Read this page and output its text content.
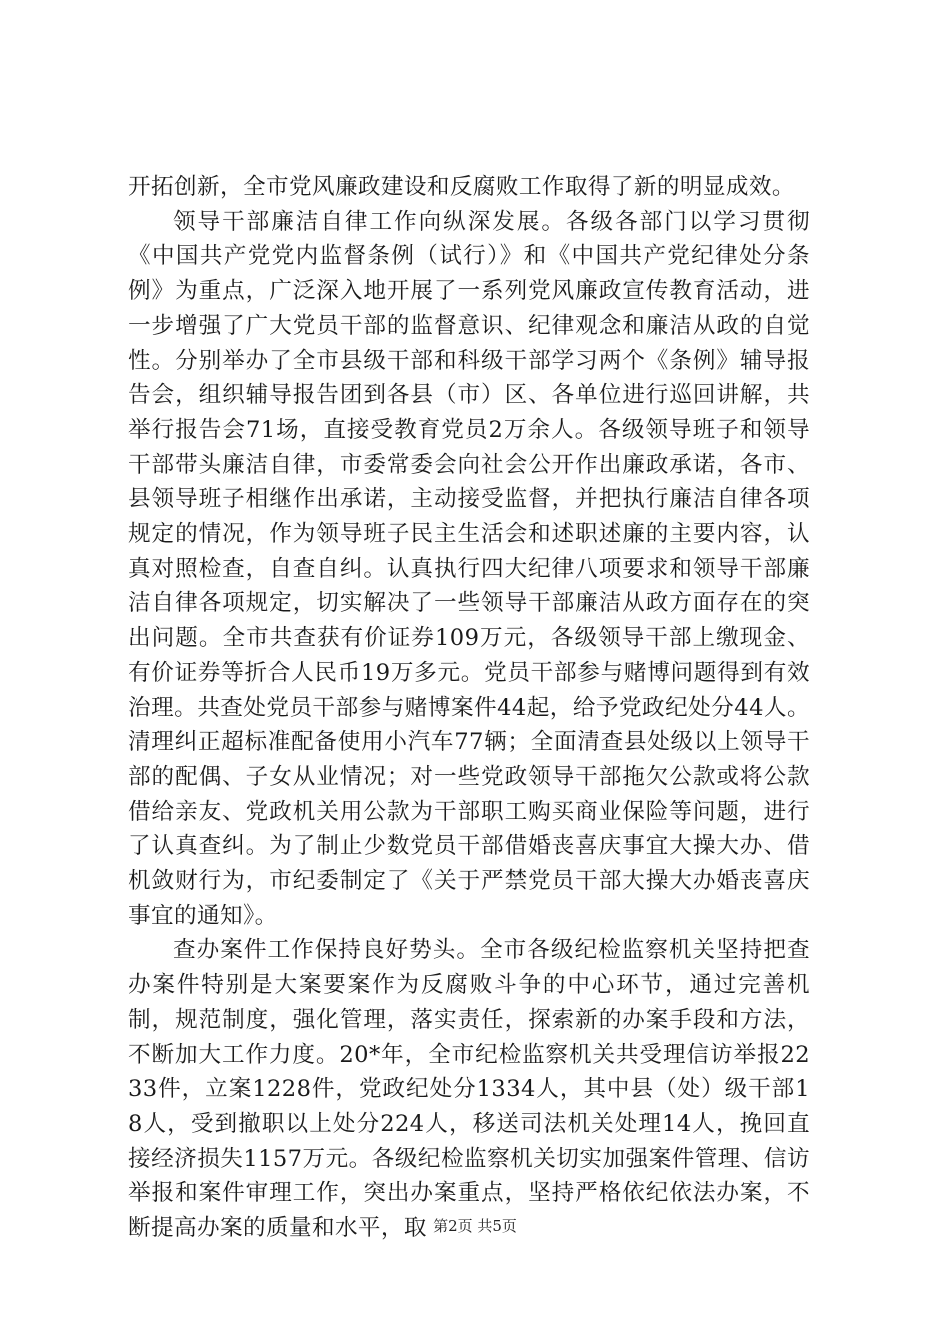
开拓创新，全市党风廉政建设和反腐败工作取得了新的明显成效。

领导干部廉洁自律工作向纵深发展。各级各部门以学习贯彻《中国共产党党内监督条例（试行）》和《中国共产党纪律处分条例》为重点，广泛深入地开展了一系列党风廉政宣传教育活动，进一步增强了广大党员干部的监督意识、纪律观念和廉洁从政的自觉性。分别举办了全市县级干部和科级干部学习两个《条例》辅导报告会，组织辅导报告团到各县（市）区、各单位进行巡回讲解，共举行报告会71场，直接受教育党员2万余人。各级领导班子和领导干部带头廉洁自律，市委常委会向社会公开作出廉政承诺，各市、县领导班子相继作出承诺，主动接受监督，并把执行廉洁自律各项规定的情况，作为领导班子民主生活会和述职述廉的主要内容，认真对照检查，自查自纠。认真执行四大纪律八项要求和领导干部廉洁自律各项规定，切实解决了一些领导干部廉洁从政方面存在的突出问题。全市共查获有价证券109万元，各级领导干部上缴现金、有价证券等折合人民币19万多元。党员干部参与赌博问题得到有效治理。共查处党员干部参与赌博案件44起，给予党政纪处分44人。清理纠正超标准配备使用小汽车77辆；全面清查县处级以上领导干部的配偶、子女从业情况；对一些党政领导干部拖欠公款或将公款借给亲友、党政机关用公款为干部职工购买商业保险等问题，进行了认真查纠。为了制止少数党员干部借婚丧喜庆事宜大操大办、借机敛财行为，市纪委制定了《关于严禁党员干部大操大办婚丧喜庆事宜的通知》。

查办案件工作保持良好势头。全市各级纪检监察机关坚持把查办案件特别是大案要案作为反腐败斗争的中心环节，通过完善机制，规范制度，强化管理，落实责任，探索新的办案手段和方法，不断加大工作力度。20*年，全市纪检监察机关共受理信访举报2233件，立案1228件，党政纪处分1334人，其中县（处）级干部18人，受到撤职以上处分224人，移送司法机关处理14人，挽回直接经济损失1157万元。各级纪检监察机关切实加强案件管理、信访举报和案件审理工作，突出办案重点，坚持严格依纪依法办案，不断提高办案的质量和水平，取 第2页 共5页
